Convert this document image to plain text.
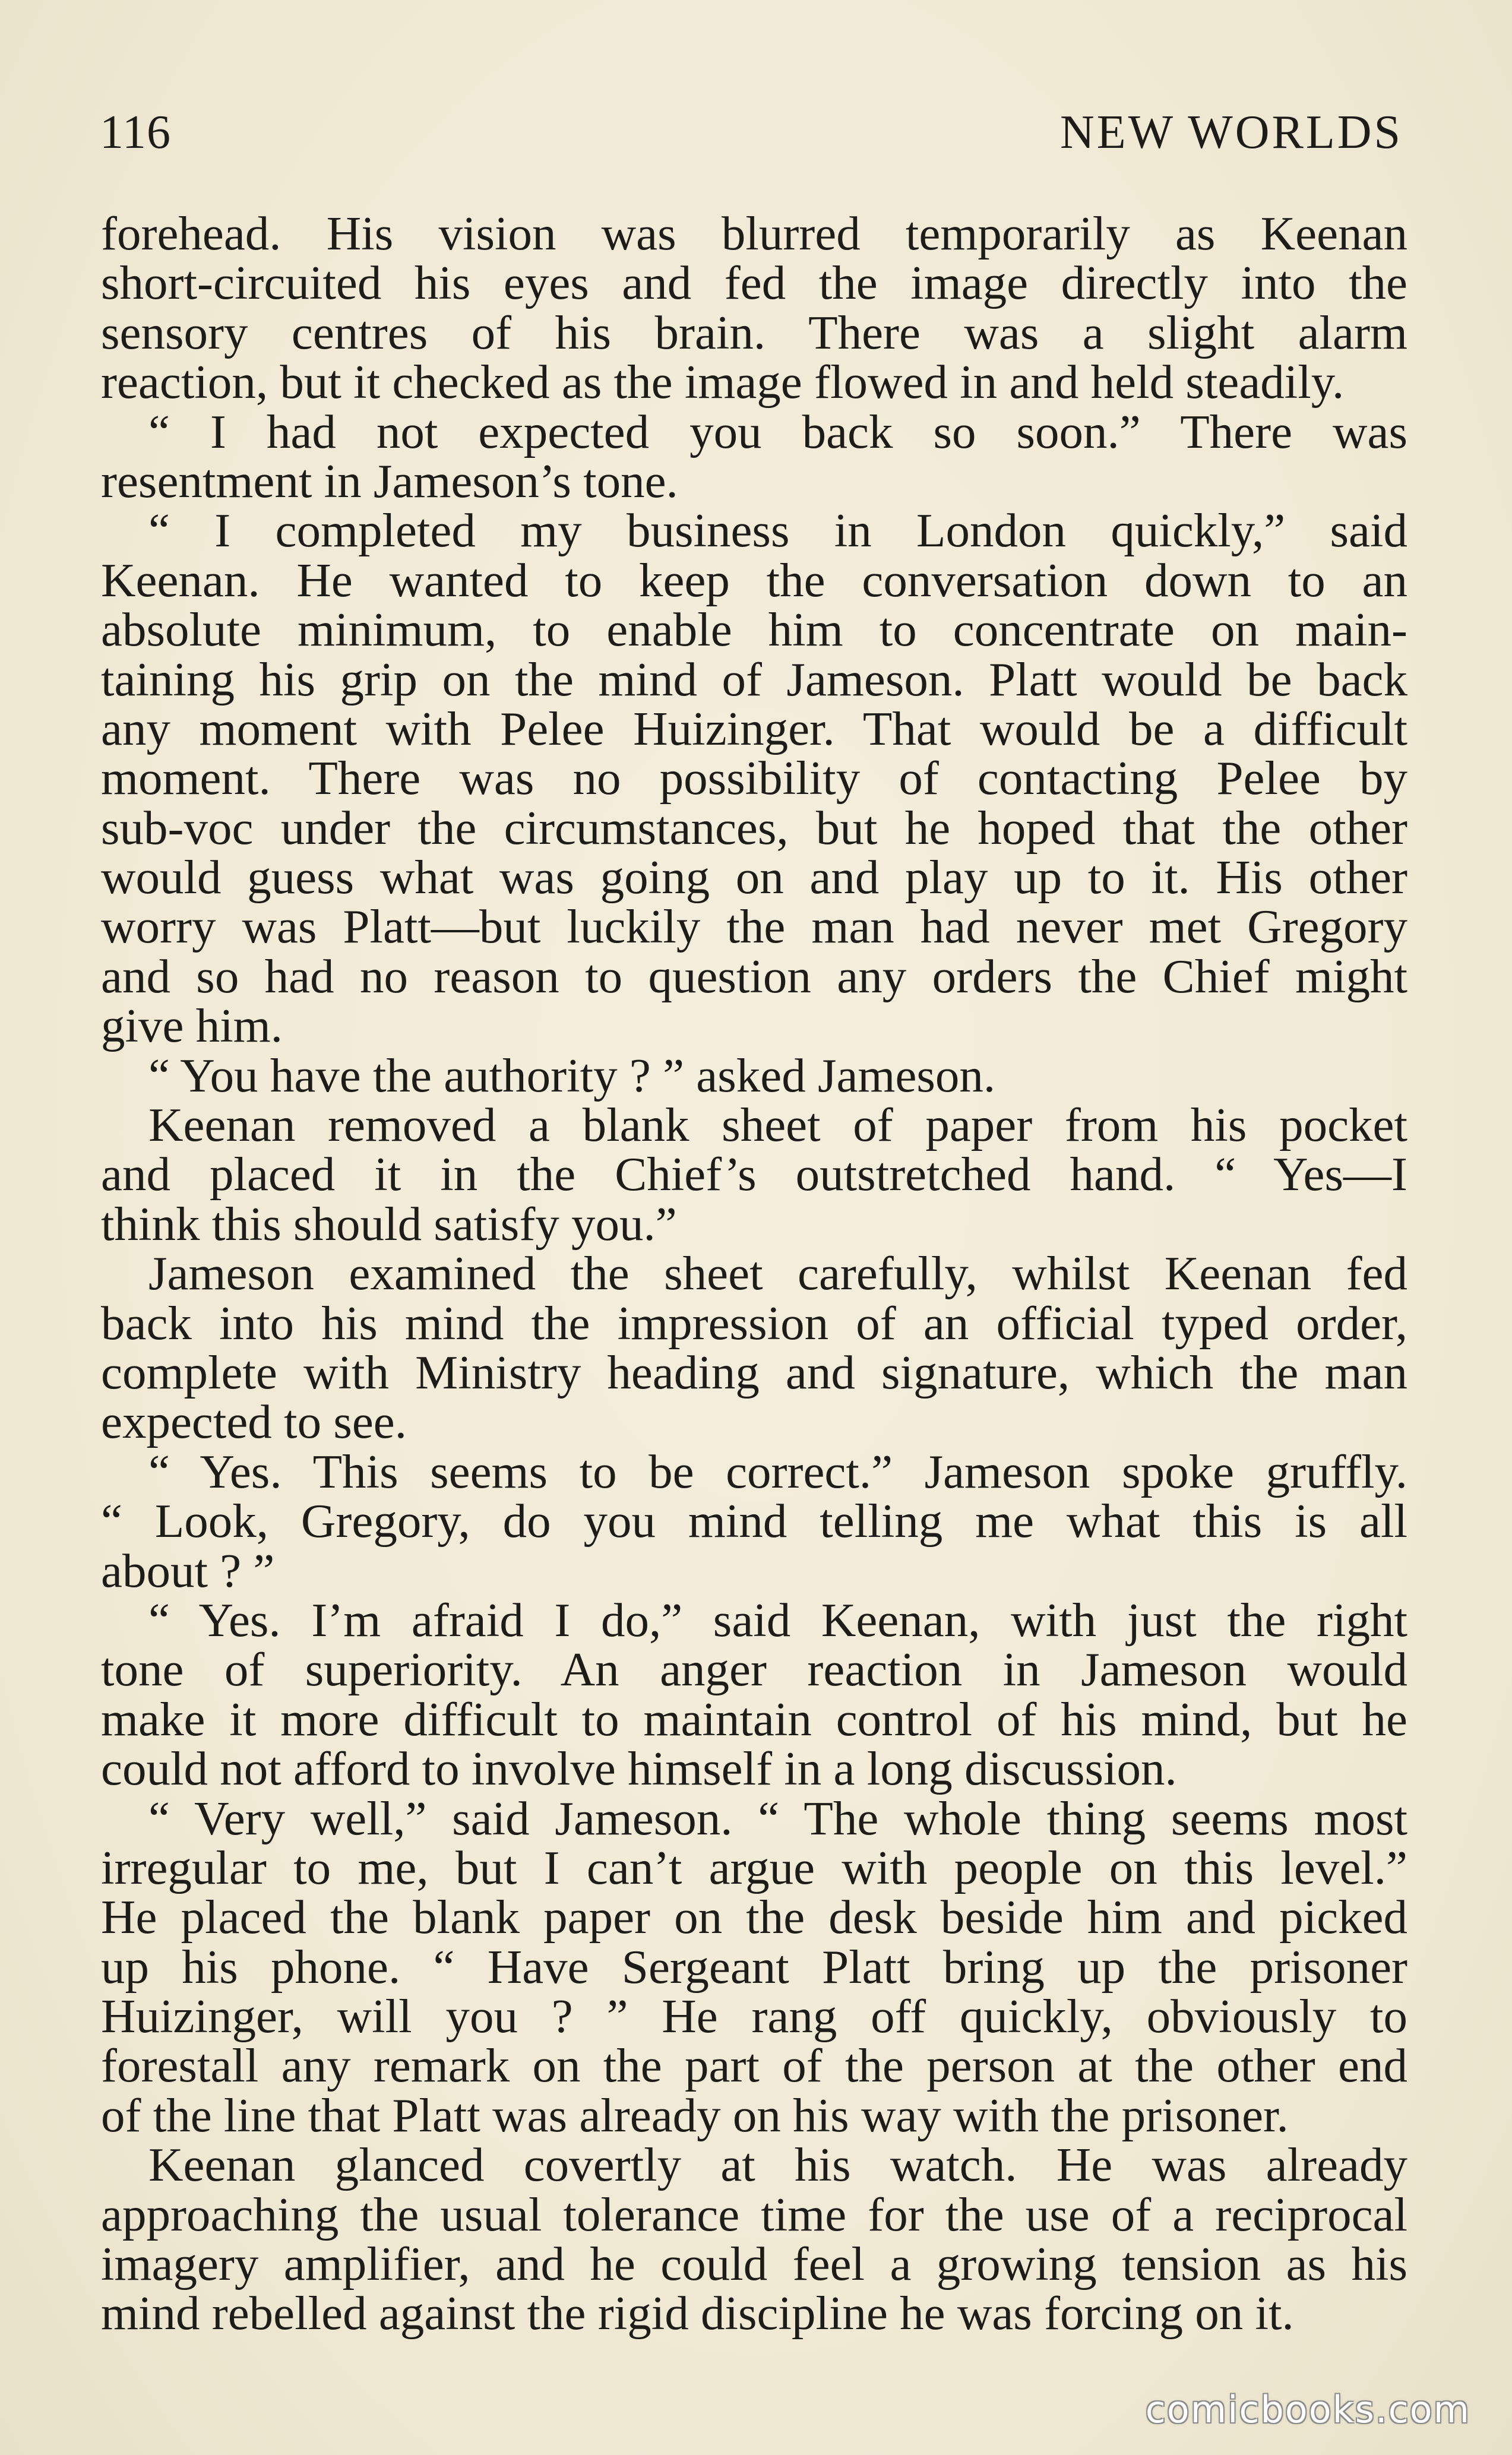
116	NEW WORLDS
forehead. His vision was blurred temporarily as Keenan
short-circuited his eyes and fed the image directly into the
sensory centres of his brain. There was a slight alarm
reaction, but it checked as the image flowed in and held steadily.
“ I had not expected you back so soon.” There was
resentment in Jameson’s tone.
“ I completed my business in London quickly,” said
Keenan. He wanted to keep the conversation down to an
absolute minimum, to enable him to concentrate on main-
taining his grip on the mind of Jameson. Platt would be back
any moment with Pelee Huizinger. That would be a difficult
moment. There was no possibility of contacting Pelee by
sub-voc under the circumstances, but he hoped that the other
would guess what was going on and play up to it. His other
worry was Platt—but luckily the man had never met Gregory
and so had no reason to question any orders the Chief might
give him.
“ You have the authority ? ” asked Jameson.
Keenan removed a blank sheet of paper from his pocket
and placed it in the Chief’s outstretched hand. “ Yes—I
think this should satisfy you.”
Jameson examined the sheet carefully, whilst Keenan fed
back into his mind the impression of an official typed order,
complete with Ministry heading and signature, which the man
expected to see.
“ Yes. This seems to be correct.” Jameson spoke gruffly.
“ Look, Gregory, do you mind telling me what this is all
about ? ”
“ Yes. I’m afraid I do,” said Keenan, with just the right
tone of superiority. An anger reaction in Jameson would
make it more difficult to maintain control of his mind, but he
could not afford to involve himself in a long discussion.
“ Very well,” said Jameson. “ The whole thing seems most
irregular to me, but I can’t argue with people on this level.”
He placed the blank paper on the desk beside him and picked
up his phone. “ Have Sergeant Platt bring up the prisoner
Huizinger, will you ? ” He rang off quickly, obviously to
forestall any remark on the part of the person at the other end
of the line that Platt was already on his way with the prisoner.
Keenan glanced covertly at his watch. He was already
approaching the usual tolerance time for the use of a reciprocal
imagery amplifier, and he could feel a growing tension as his
mind rebelled against the rigid discipline he was forcing on it.
comicbooks.com
